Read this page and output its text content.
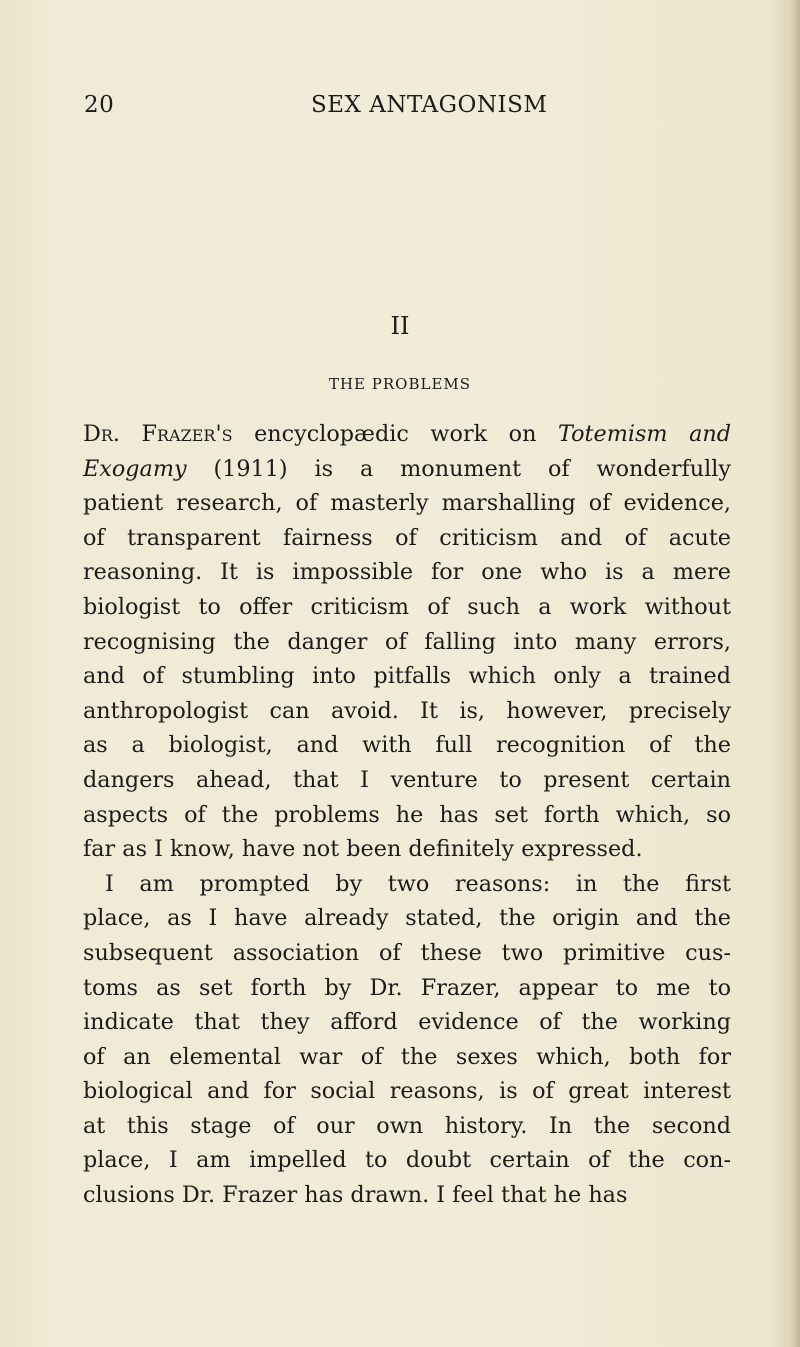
20	SEX ANTAGONISM
II
THE PROBLEMS
Dr. Frazer's encyclopædic work on Totemism and
Exogamy (1911) is a monument of wonderfully
patient research, of masterly marshalling of evidence,
of transparent fairness of criticism and of acute
reasoning. It is impossible for one who is a mere
biologist to offer criticism of such a work without
recognising the danger of falling into many errors,
and of stumbling into pitfalls which only a trained
anthropologist can avoid. It is, however, precisely
as a biologist, and with full recognition of the
dangers ahead, that I venture to present certain
aspects of the problems he has set forth which, so
far as I know, have not been definitely expressed.
I am prompted by two reasons: in the first
place, as I have already stated, the origin and the
subsequent association of these two primitive cus-
toms as set forth by Dr. Frazer, appear to me to
indicate that they afford evidence of the working
of an elemental war of the sexes which, both for
biological and for social reasons, is of great interest
at this stage of our own history. In the second
place, I am impelled to doubt certain of the con-
clusions Dr. Frazer has drawn. I feel that he has
